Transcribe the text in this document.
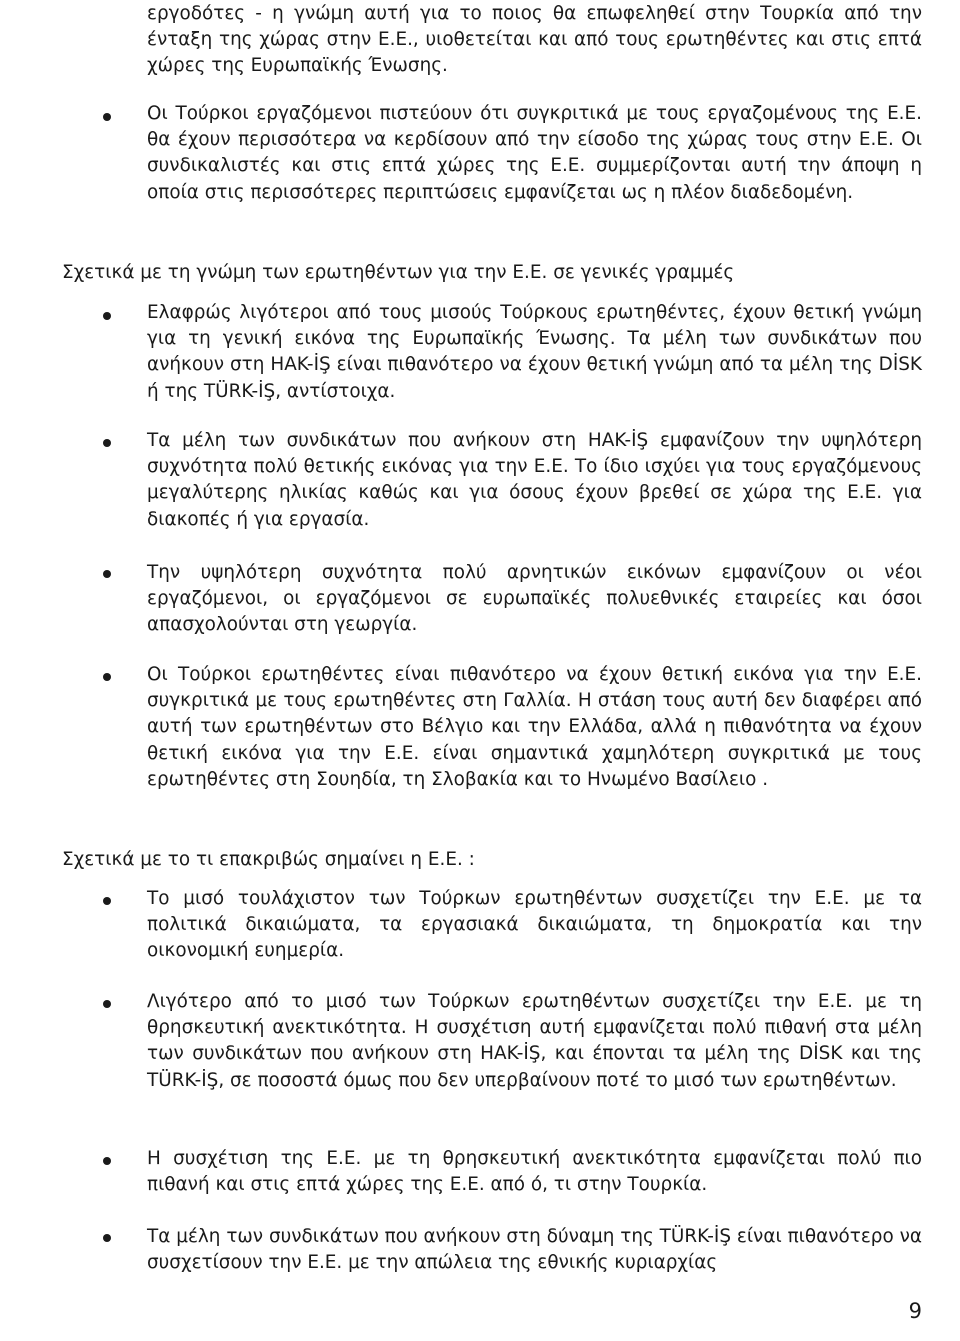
εργοδότες - η γνώμη αυτή για το ποιος θα επωφεληθεί στην Τουρκία από την ένταξη της χώρας στην Ε.Ε., υιοθετείται και από τους ερωτηθέντες και στις επτά χώρες της Ευρωπαϊκής Ένωσης.

Οι Τούρκοι εργαζόμενοι πιστεύουν ότι συγκριτικά με τους εργαζομένους της Ε.Ε. θα έχουν περισσότερα να κερδίσουν από την είσοδο της χώρας τους στην Ε.Ε. Οι συνδικαλιστές και στις επτά χώρες της Ε.Ε. συμμερίζονται αυτή την άποψη η οποία στις περισσότερες περιπτώσεις εμφανίζεται ως η πλέον διαδεδομένη.

Σχετικά με τη γνώμη των ερωτηθέντων για την Ε.Ε. σε γενικές γραμμές

Ελαφρώς λιγότεροι από τους μισούς Τούρκους ερωτηθέντες, έχουν θετική γνώμη για τη γενική εικόνα της Ευρωπαϊκής Ένωσης. Τα μέλη των συνδικάτων που ανήκουν στη HAK-İŞ είναι πιθανότερο να έχουν θετική γνώμη από τα μέλη της DİSK ή της TÜRK-İŞ, αντίστοιχα.

Τα μέλη των συνδικάτων που ανήκουν στη HAK-İŞ εμφανίζουν την υψηλότερη συχνότητα πολύ θετικής εικόνας για την Ε.Ε. Το ίδιο ισχύει για τους εργαζόμενους μεγαλύτερης ηλικίας καθώς και για όσους έχουν βρεθεί σε χώρα της Ε.Ε. για διακοπές ή για εργασία.

Την υψηλότερη συχνότητα πολύ αρνητικών εικόνων εμφανίζουν οι νέοι εργαζόμενοι, οι εργαζόμενοι σε ευρωπαϊκές πολυεθνικές εταιρείες και όσοι απασχολούνται στη γεωργία.

Οι Τούρκοι ερωτηθέντες είναι πιθανότερο να έχουν θετική εικόνα για την Ε.Ε. συγκριτικά με τους ερωτηθέντες στη Γαλλία. Η στάση τους αυτή δεν διαφέρει από αυτή των ερωτηθέντων στο Βέλγιο και την Ελλάδα, αλλά η πιθανότητα να έχουν θετική εικόνα για την Ε.Ε. είναι σημαντικά χαμηλότερη συγκριτικά με τους ερωτηθέντες στη Σουηδία, τη Σλοβακία και το Ηνωμένο Βασίλειο .

Σχετικά με το τι επακριβώς σημαίνει η Ε.Ε. :

Το μισό τουλάχιστον των Τούρκων ερωτηθέντων συσχετίζει την Ε.Ε. με τα πολιτικά δικαιώματα, τα εργασιακά δικαιώματα, τη δημοκρατία και την οικονομική ευημερία.

Λιγότερο από το μισό των Τούρκων ερωτηθέντων συσχετίζει την Ε.Ε. με τη θρησκευτική ανεκτικότητα. Η συσχέτιση αυτή εμφανίζεται πολύ πιθανή στα μέλη των συνδικάτων που ανήκουν στη HAK-İŞ, και έπονται τα μέλη της DİSK και της TÜRK-İŞ, σε ποσοστά όμως που δεν υπερβαίνουν ποτέ το μισό των ερωτηθέντων.

Η συσχέτιση της Ε.Ε. με τη θρησκευτική ανεκτικότητα εμφανίζεται πολύ πιο πιθανή και στις επτά χώρες της Ε.Ε. από ό, τι στην Τουρκία.

Τα μέλη των συνδικάτων που ανήκουν στη δύναμη της TÜRK-İŞ είναι πιθανότερο να συσχετίσουν την Ε.Ε. με την απώλεια της εθνικής κυριαρχίας

9
